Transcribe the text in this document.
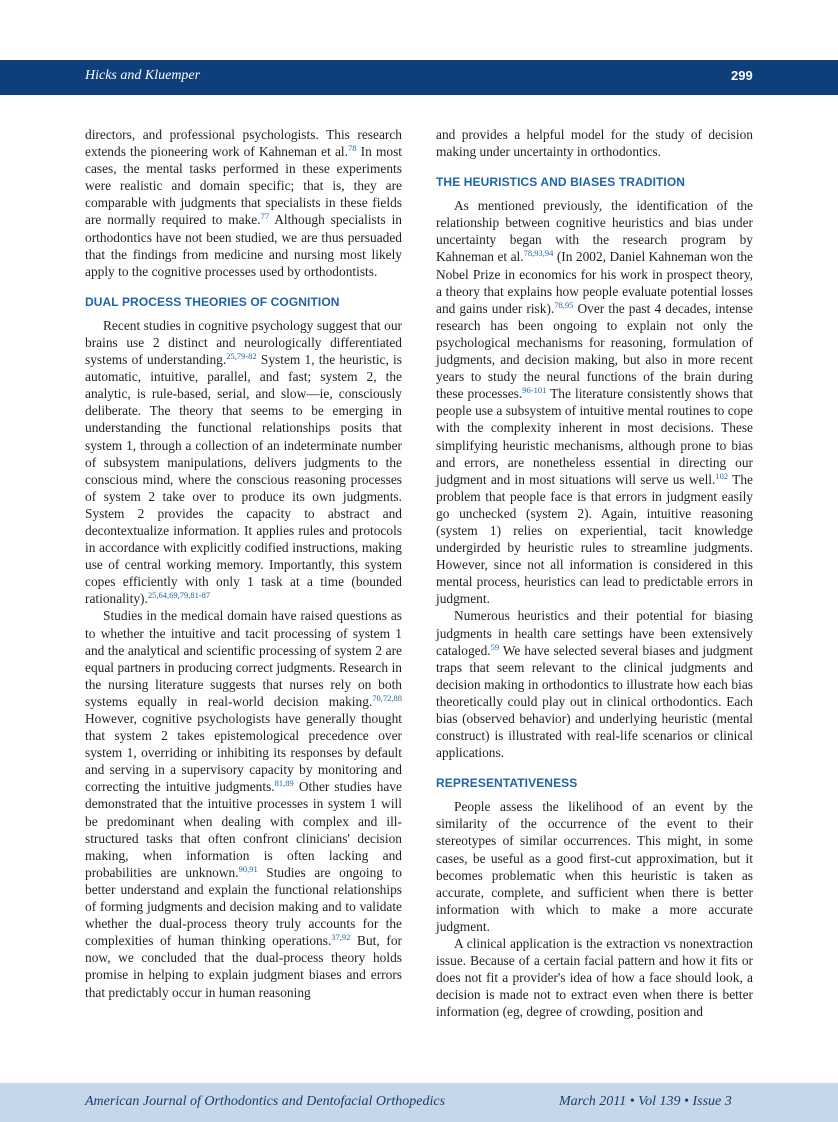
Hicks and Kluemper	299

directors, and professional psychologists. This research extends the pioneering work of Kahneman et al.$^{78}$ In most cases, the mental tasks performed in these experiments were realistic and domain specific; that is, they are comparable with judgments that specialists in these fields are normally required to make.$^{77}$ Although specialists in orthodontics have not been studied, we are thus persuaded that the findings from medicine and nursing most likely apply to the cognitive processes used by orthodontists.

DUAL PROCESS THEORIES OF COGNITION

Recent studies in cognitive psychology suggest that our brains use 2 distinct and neurologically differentiated systems of understanding.$^{25,79-82}$ System 1, the heuristic, is automatic, intuitive, parallel, and fast; system 2, the analytic, is rule-based, serial, and slow—ie, consciously deliberate. The theory that seems to be emerging in understanding the functional relationships posits that system 1, through a collection of an indeterminate number of subsystem manipulations, delivers judgments to the conscious mind, where the conscious reasoning processes of system 2 take over to produce its own judgments. System 2 provides the capacity to abstract and decontextualize information. It applies rules and protocols in accordance with explicitly codified instructions, making use of central working memory. Importantly, this system copes efficiently with only 1 task at a time (bounded rationality).$^{25,64,69,79,81-87}$

Studies in the medical domain have raised questions as to whether the intuitive and tacit processing of system 1 and the analytical and scientific processing of system 2 are equal partners in producing correct judgments. Research in the nursing literature suggests that nurses rely on both systems equally in real-world decision making.$^{70,72,88}$ However, cognitive psychologists have generally thought that system 2 takes epistemological precedence over system 1, overriding or inhibiting its responses by default and serving in a supervisory capacity by monitoring and correcting the intuitive judgments.$^{81,89}$ Other studies have demonstrated that the intuitive processes in system 1 will be predominant when dealing with complex and ill-structured tasks that often confront clinicians' decision making, when information is often lacking and probabilities are unknown.$^{90,91}$ Studies are ongoing to better understand and explain the functional relationships of forming judgments and decision making and to validate whether the dual-process theory truly accounts for the complexities of human thinking operations.$^{37,92}$ But, for now, we concluded that the dual-process theory holds promise in helping to explain judgment biases and errors that predictably occur in human reasoning

and provides a helpful model for the study of decision making under uncertainty in orthodontics.

THE HEURISTICS AND BIASES TRADITION

As mentioned previously, the identification of the relationship between cognitive heuristics and bias under uncertainty began with the research program by Kahneman et al.$^{78,93,94}$ (In 2002, Daniel Kahneman won the Nobel Prize in economics for his work in prospect theory, a theory that explains how people evaluate potential losses and gains under risk).$^{78,95}$ Over the past 4 decades, intense research has been ongoing to explain not only the psychological mechanisms for reasoning, formulation of judgments, and decision making, but also in more recent years to study the neural functions of the brain during these processes.$^{96-101}$ The literature consistently shows that people use a subsystem of intuitive mental routines to cope with the complexity inherent in most decisions. These simplifying heuristic mechanisms, although prone to bias and errors, are nonetheless essential in directing our judgment and in most situations will serve us well.$^{102}$ The problem that people face is that errors in judgment easily go unchecked (system 2). Again, intuitive reasoning (system 1) relies on experiential, tacit knowledge undergirded by heuristic rules to streamline judgments. However, since not all information is considered in this mental process, heuristics can lead to predictable errors in judgment.

Numerous heuristics and their potential for biasing judgments in health care settings have been extensively cataloged.$^{59}$ We have selected several biases and judgment traps that seem relevant to the clinical judgments and decision making in orthodontics to illustrate how each bias theoretically could play out in clinical orthodontics. Each bias (observed behavior) and underlying heuristic (mental construct) is illustrated with real-life scenarios or clinical applications.

REPRESENTATIVENESS

People assess the likelihood of an event by the similarity of the occurrence of the event to their stereotypes of similar occurrences. This might, in some cases, be useful as a good first-cut approximation, but it becomes problematic when this heuristic is taken as accurate, complete, and sufficient when there is better information with which to make a more accurate judgment.

A clinical application is the extraction vs nonextraction issue. Because of a certain facial pattern and how it fits or does not fit a provider's idea of how a face should look, a decision is made not to extract even when there is better information (eg, degree of crowding, position and

American Journal of Orthodontics and Dentofacial Orthopedics	March 2011 • Vol 139 • Issue 3
